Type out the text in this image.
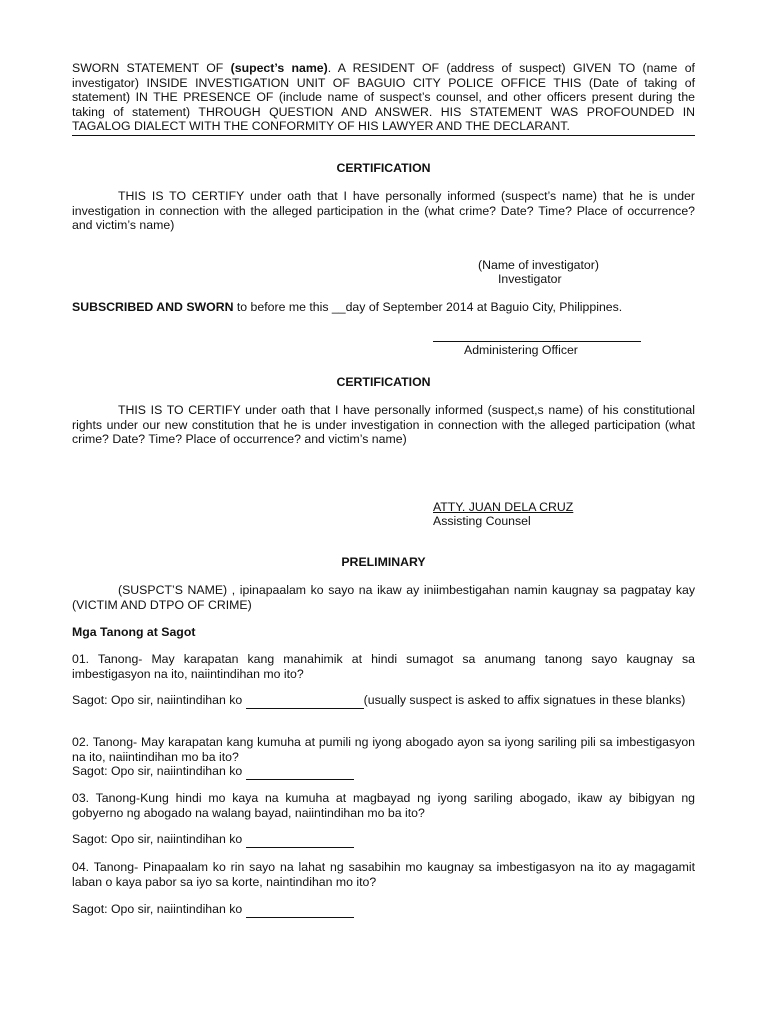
SWORN STATEMENT OF (supect’s name). A RESIDENT OF (address of suspect) GIVEN TO (name of investigator) INSIDE INVESTIGATION UNIT OF BAGUIO CITY POLICE OFFICE THIS (Date of taking of statement) IN THE PRESENCE OF (include name of suspect’s counsel, and other officers present during the taking of statement) THROUGH QUESTION AND ANSWER. HIS STATEMENT WAS PROFOUNDED IN TAGALOG DIALECT WITH THE CONFORMITY OF HIS LAWYER AND THE DECLARANT.

CERTIFICATION

THIS IS TO CERTIFY under oath that I have personally informed (suspect’s name) that he is under investigation in connection with the alleged participation in the (what crime? Date? Time? Place of occurrence? and victim’s name)

(Name of investigator)

Investigator

SUBSCRIBED AND SWORN to before me this __day of September 2014 at Baguio City, Philippines.

Administering Officer

CERTIFICATION

THIS IS TO CERTIFY under oath that I have personally informed (suspect,s name) of his constitutional rights under our new constitution that he is under investigation in connection with the alleged participation (what crime? Date? Time? Place of occurrence? and victim’s name)

ATTY. JUAN DELA CRUZ

Assisting Counsel

PRELIMINARY

(SUSPCT’S NAME) , ipinapaalam ko sayo na ikaw ay iniimbestigahan namin kaugnay sa pagpatay kay (VICTIM AND DTPO OF CRIME)

Mga Tanong at Sagot

01. Tanong- May karapatan kang manahimik at hindi sumagot sa anumang tanong sayo kaugnay sa imbestigasyon na ito, naiintindihan mo ito?

Sagot: Opo sir, naiintindihan ko	(usually suspect is asked to affix signatues in these blanks)

02. Tanong- May karapatan kang kumuha at pumili ng iyong abogado ayon sa iyong sariling pili sa imbestigasyon na ito, naiintindihan mo ba ito?

Sagot: Opo sir, naiintindihan ko

03. Tanong-Kung hindi mo kaya na kumuha at magbayad ng iyong sariling abogado, ikaw ay bibigyan ng gobyerno ng abogado na walang bayad, naiintindihan mo ba ito?

Sagot: Opo sir, naiintindihan ko

04. Tanong- Pinapaalam ko rin sayo na lahat ng sasabihin mo kaugnay sa imbestigasyon na ito ay magagamit laban o kaya pabor sa iyo sa korte, naintindihan mo ito?

Sagot: Opo sir, naiintindihan ko
